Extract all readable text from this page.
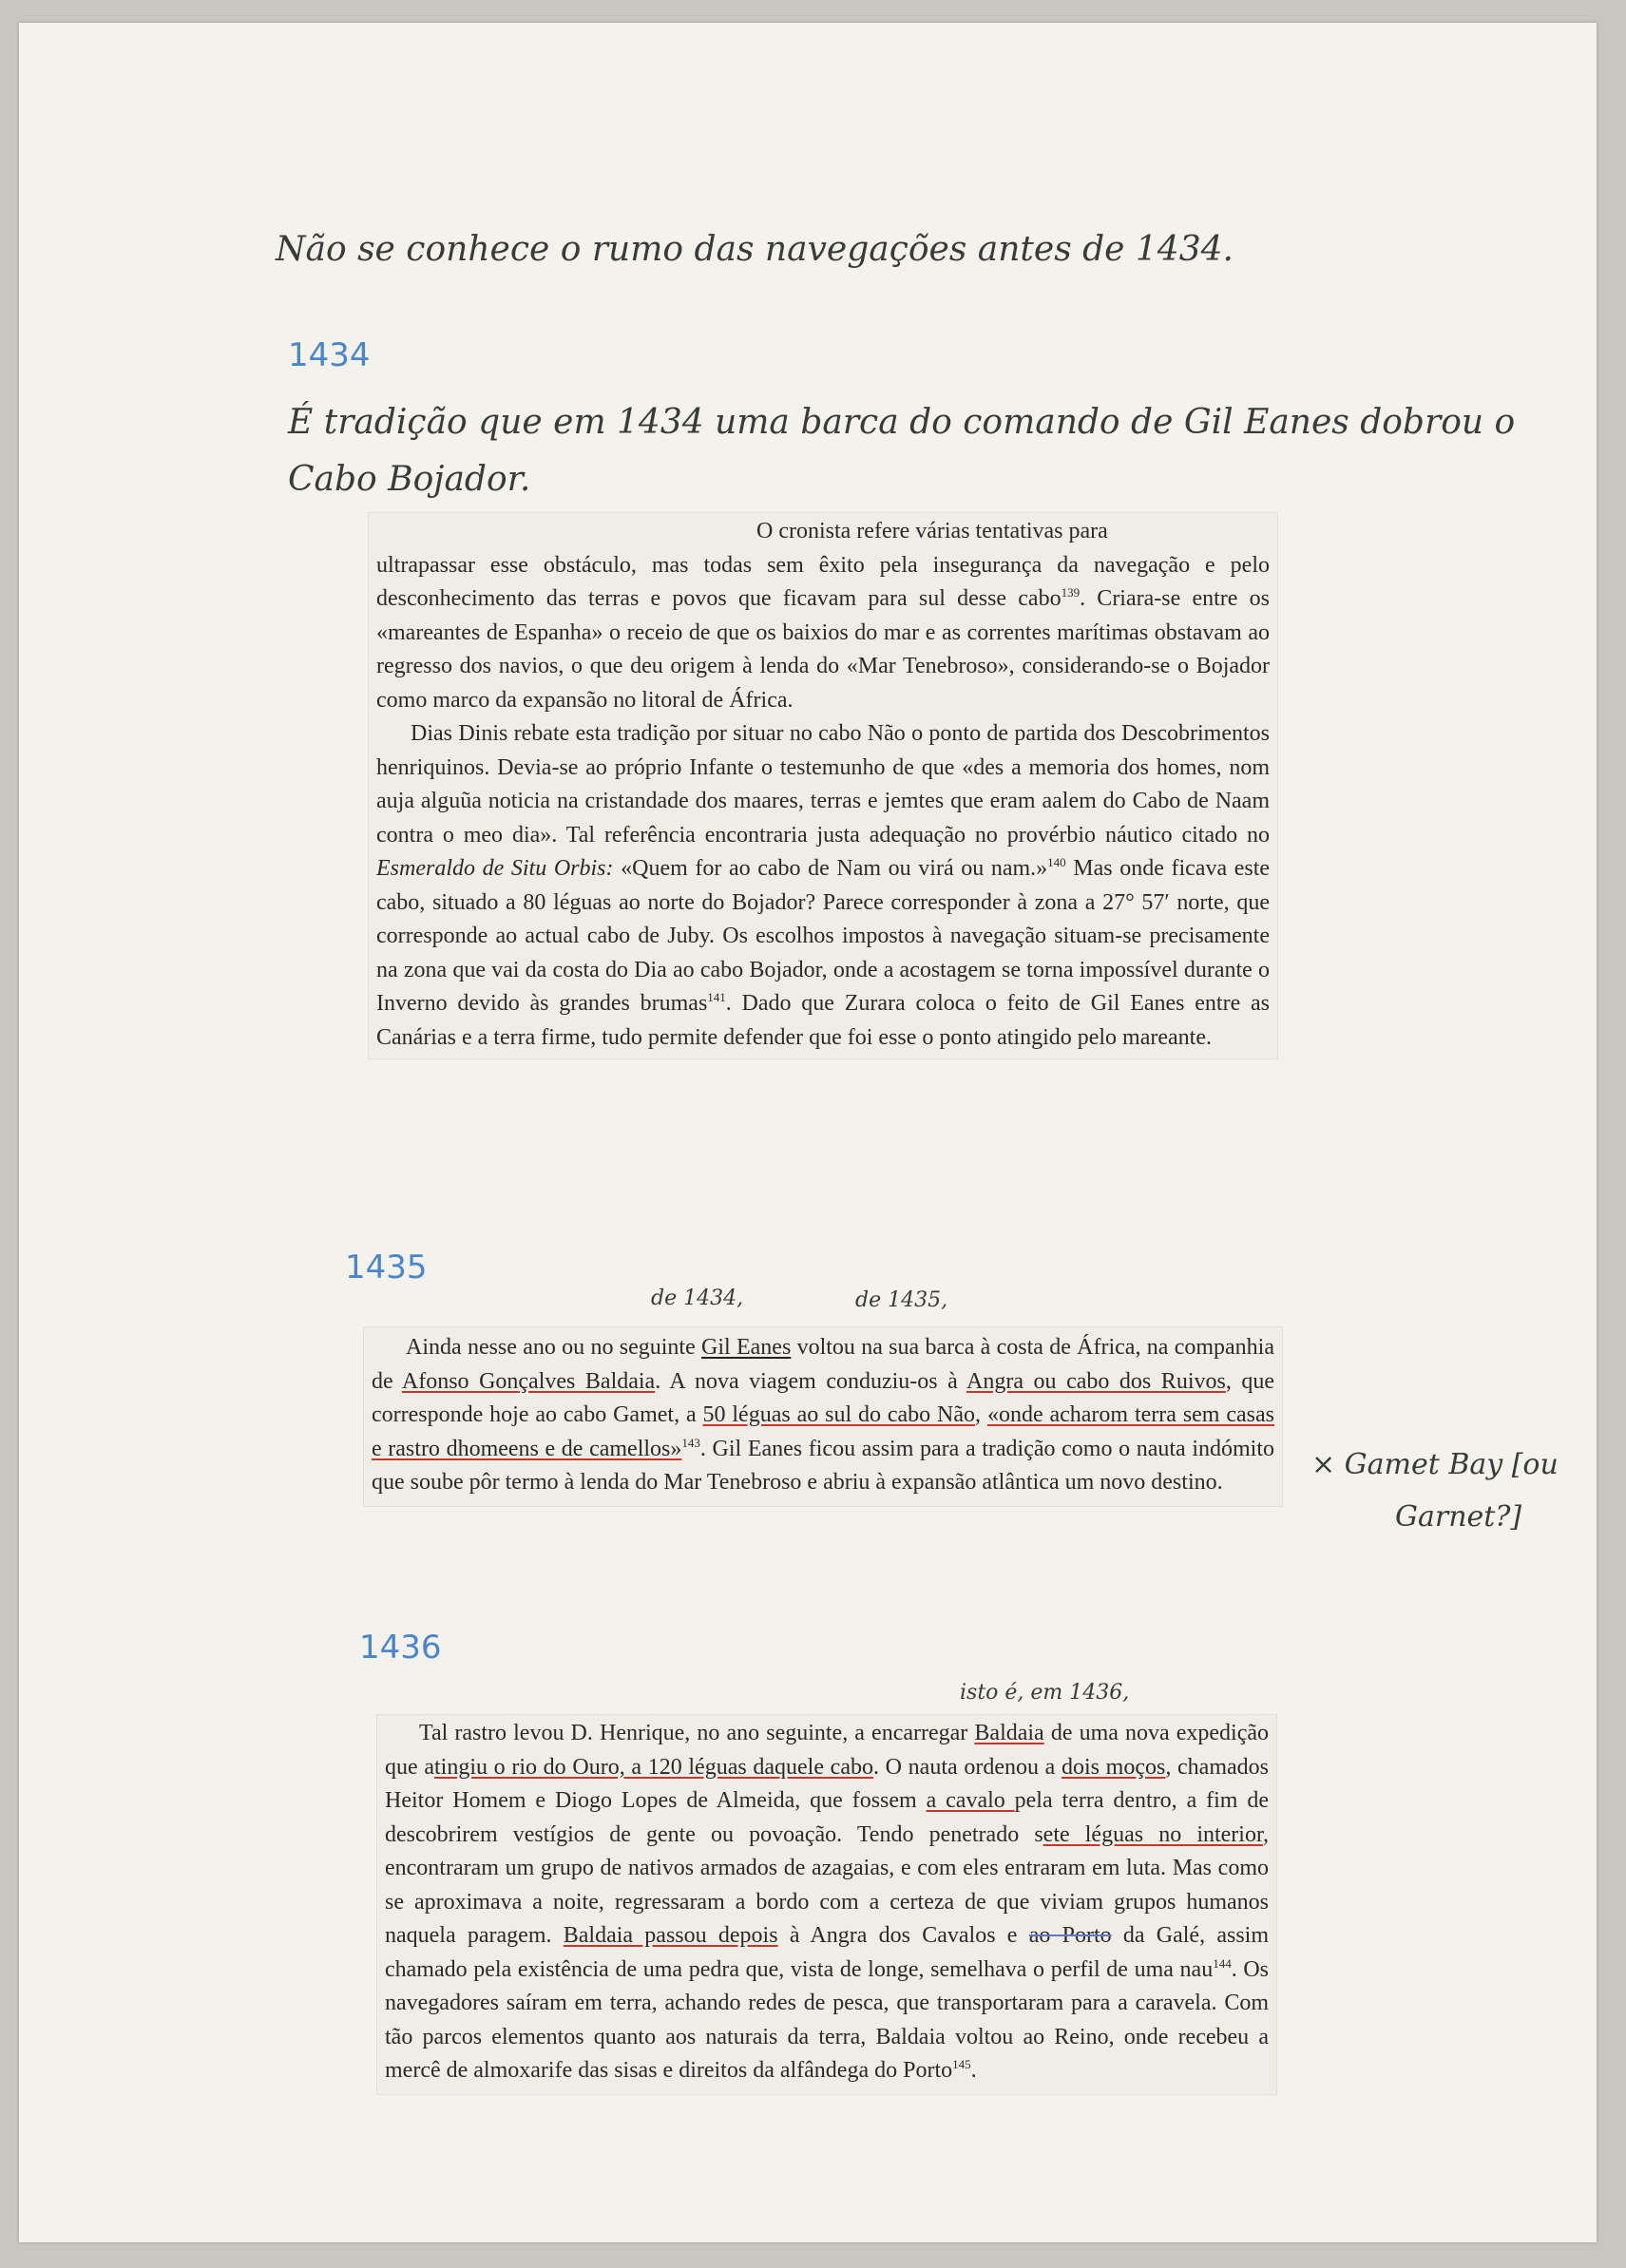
Não se conhece o rumo das navegações antes de 1434.
1434
É tradição que em 1434 uma barca do comando de Gil Eanes dobrou o
Cabo Bojador.

O cronista refere várias tentativas para
ultrapassar esse obstáculo, mas todas sem êxito pela insegurança da navegação e pelo desconhecimento das terras e povos que ficavam para sul desse cabo$^{139}$. Criara-se entre os «mareantes de Espanha» o receio de que os baixios do mar e as correntes marítimas obstavam ao regresso dos navios, o que deu origem à lenda do «Mar Tenebroso», considerando-se o Bojador como marco da expansão no litoral de África.

Dias Dinis rebate esta tradição por situar no cabo Não o ponto de partida dos Descobrimentos henriquinos. Devia-se ao próprio Infante o testemunho de que «des a memoria dos homes, nom auja alguũa noticia na cristandade dos maares, terras e jemtes que eram aalem do Cabo de Naam contra o meo dia». Tal referência encontraria justa adequação no provérbio náutico citado no Esmeraldo de Situ Orbis: «Quem for ao cabo de Nam ou virá ou nam.»$^{140}$ Mas onde ficava este cabo, situado a 80 léguas ao norte do Bojador? Parece corresponder à zona a 27° 57′ norte, que corresponde ao actual cabo de Juby. Os escolhos impostos à navegação situam-se precisamente na zona que vai da costa do Dia ao cabo Bojador, onde a acostagem se torna impossível durante o Inverno devido às grandes brumas$^{141}$. Dado que Zurara coloca o feito de Gil Eanes entre as Canárias e a terra firme, tudo permite defender que foi esse o ponto atingido pelo mareante.

1435
de 1434,	de 1435,

Ainda nesse ano ou no seguinte Gil Eanes voltou na sua barca à costa de África, na companhia de Afonso Gonçalves Baldaia. A nova viagem conduziu-os à Angra ou cabo dos Ruivos, que corresponde hoje ao cabo Gamet, a 50 léguas ao sul do cabo Não, «onde acharom terra sem casas e rastro dhomeens e de camellos»$^{143}$. Gil Eanes ficou assim para a tradição como o nauta indómito que soube pôr termo à lenda do Mar Tenebroso e abriu à expansão atlântica um novo destino.

× Gamet Bay [ou
Garnet?]
1436
isto é, em 1436,

Tal rastro levou D. Henrique, no ano seguinte, a encarregar Baldaia de uma nova expedição que atingiu o rio do Ouro, a 120 léguas daquele cabo. O nauta ordenou a dois moços, chamados Heitor Homem e Diogo Lopes de Almeida, que fossem a cavalo pela terra dentro, a fim de descobrirem vestígios de gente ou povoação. Tendo penetrado sete léguas no interior, encontraram um grupo de nativos armados de azagaias, e com eles entraram em luta. Mas como se aproximava a noite, regressaram a bordo com a certeza de que viviam grupos humanos naquela paragem. Baldaia passou depois à Angra dos Cavalos e ao Porto da Galé, assim chamado pela existência de uma pedra que, vista de longe, semelhava o perfil de uma nau$^{144}$. Os navegadores saíram em terra, achando redes de pesca, que transportaram para a caravela. Com tão parcos elementos quanto aos naturais da terra, Baldaia voltou ao Reino, onde recebeu a mercê de almoxarife das sisas e direitos da alfândega do Porto$^{145}$.
